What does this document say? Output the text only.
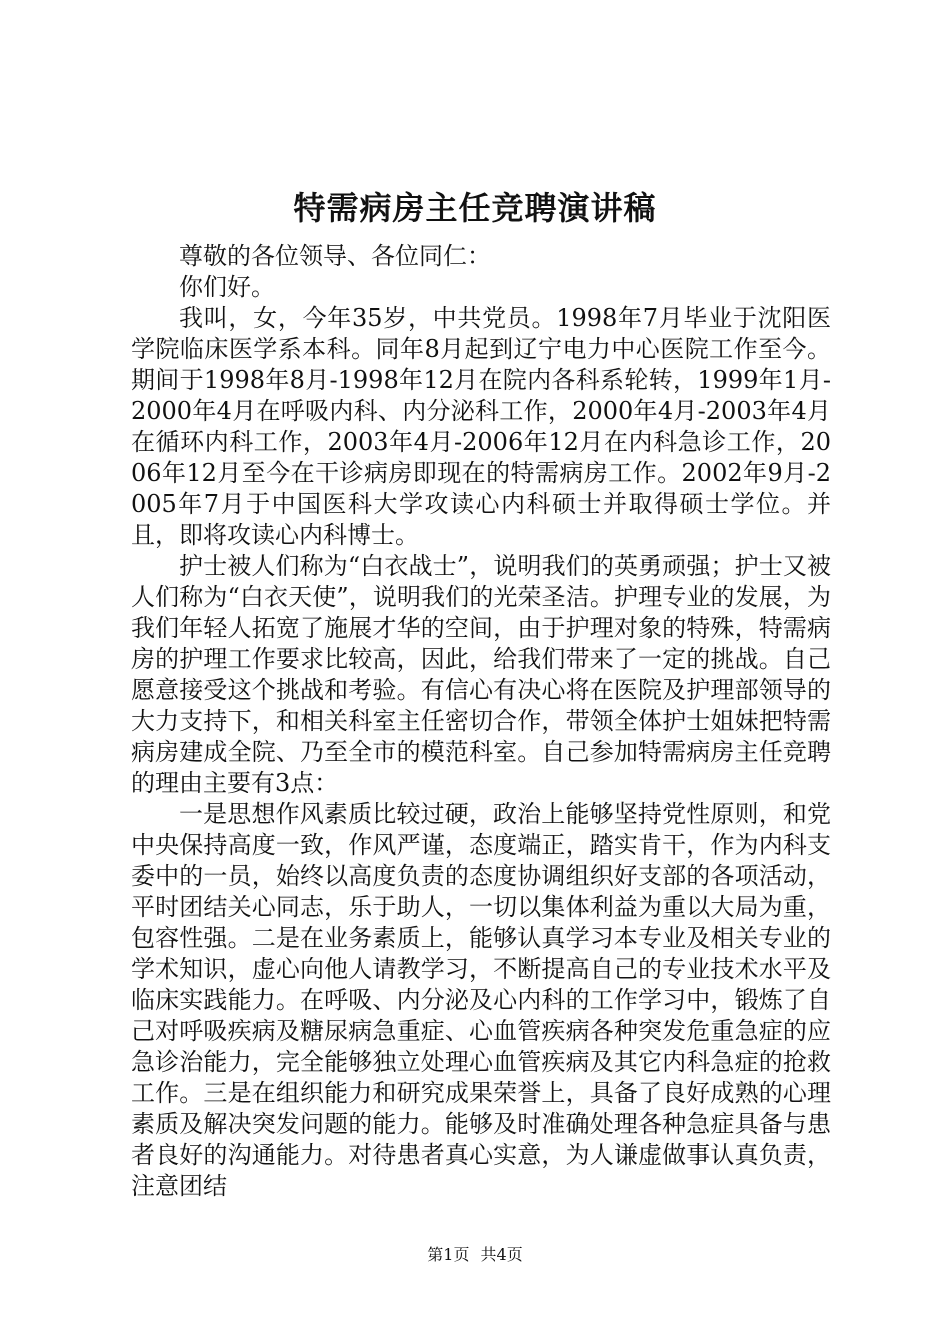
特需病房主任竞聘演讲稿

尊敬的各位领导、各位同仁：

你们好。

我叫，女，今年35岁，中共党员。1998年7月毕业于沈阳医学院临床医学系本科。同年8月起到辽宁电力中心医院工作至今。期间于1998年8月-1998年12月在院内各科系轮转，1999年1月-2000年4月在呼吸内科、内分泌科工作，2000年4月-2003年4月在循环内科工作，2003年4月-2006年12月在内科急诊工作，2006年12月至今在干诊病房即现在的特需病房工作。2002年9月-2005年7月于中国医科大学攻读心内科硕士并取得硕士学位。并且，即将攻读心内科博士。

护士被人们称为“白衣战士”，说明我们的英勇顽强；护士又被人们称为“白衣天使”，说明我们的光荣圣洁。护理专业的发展，为我们年轻人拓宽了施展才华的空间，由于护理对象的特殊，特需病房的护理工作要求比较高，因此，给我们带来了一定的挑战。自己愿意接受这个挑战和考验。有信心有决心将在医院及护理部领导的大力支持下，和相关科室主任密切合作，带领全体护士姐妹把特需病房建成全院、乃至全市的模范科室。自己参加特需病房主任竞聘的理由主要有3点：

一是思想作风素质比较过硬，政治上能够坚持党性原则，和党中央保持高度一致，作风严谨，态度端正，踏实肯干，作为内科支委中的一员，始终以高度负责的态度协调组织好支部的各项活动，平时团结关心同志，乐于助人，一切以集体利益为重以大局为重，包容性强。二是在业务素质上，能够认真学习本专业及相关专业的学术知识，虚心向他人请教学习，不断提高自己的专业技术水平及临床实践能力。在呼吸、内分泌及心内科的工作学习中，锻炼了自己对呼吸疾病及糖尿病急重症、心血管疾病各种突发危重急症的应急诊治能力，完全能够独立处理心血管疾病及其它内科急症的抢救工作。三是在组织能力和研究成果荣誉上，具备了良好成熟的心理素质及解决突发问题的能力。能够及时准确处理各种急症具备与患者良好的沟通能力。对待患者真心实意，为人谦虚做事认真负责，注意团结

第1页 共4页
